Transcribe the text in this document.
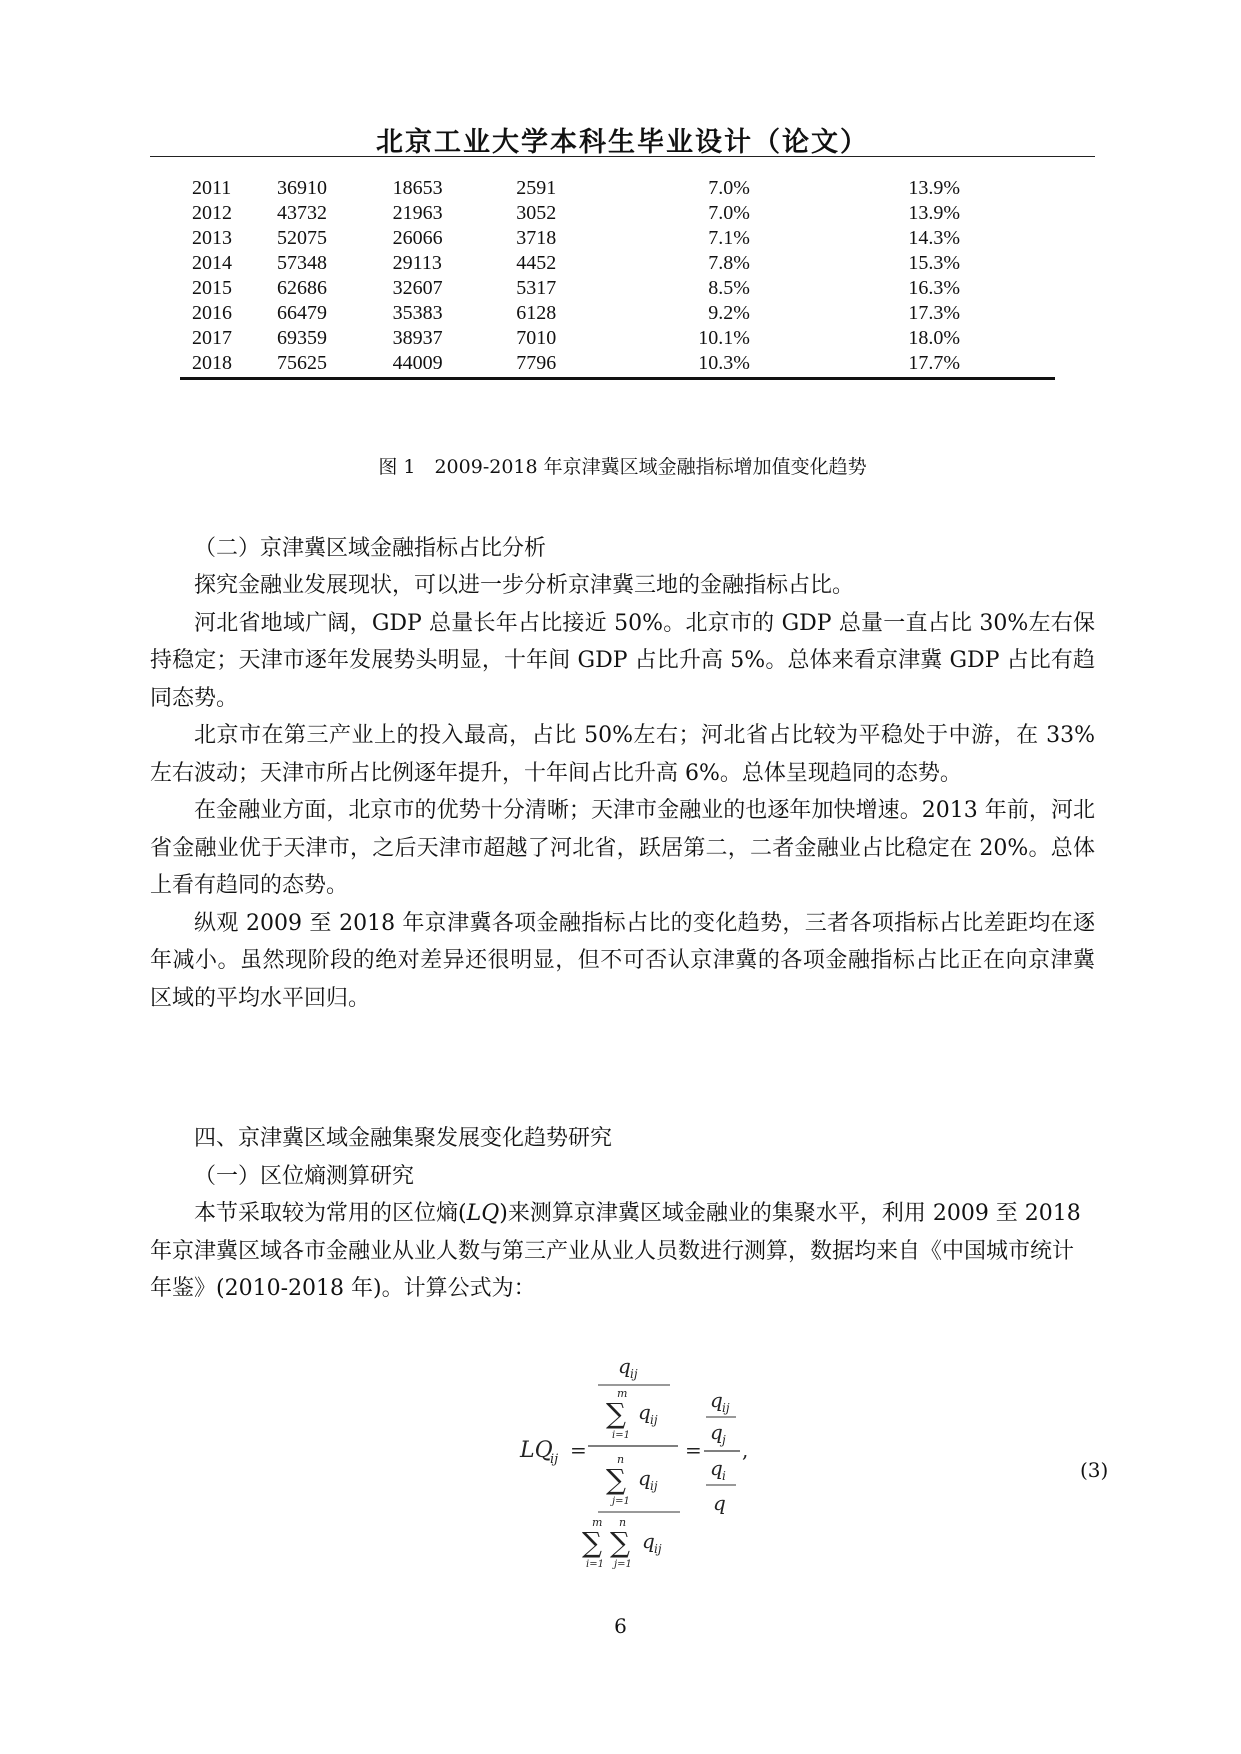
北京工业大学本科生毕业设计（论文）
2011	36910	18653	2591	7.0%	13.9%
2012	43732	21963	3052	7.0%	13.9%
2013	52075	26066	3718	7.1%	14.3%
2014	57348	29113	4452	7.8%	15.3%
2015	62686	32607	5317	8.5%	16.3%
2016	66479	35383	6128	9.2%	17.3%
2017	69359	38937	7010	10.1%	18.0%
2018	75625	44009	7796	10.3%	17.7%
图 1　2009-2018 年京津冀区域金融指标增加值变化趋势

（二）京津冀区域金融指标占比分析

探究金融业发展现状，可以进一步分析京津冀三地的金融指标占比。

河北省地域广阔，GDP 总量长年占比接近 50%。北京市的 GDP 总量一直占比 30%左右保持稳定；天津市逐年发展势头明显，十年间 GDP 占比升高 5%。总体来看京津冀 GDP 占比有趋同态势。

北京市在第三产业上的投入最高，占比 50%左右；河北省占比较为平稳处于中游，在 33%左右波动；天津市所占比例逐年提升，十年间占比升高 6%。总体呈现趋同的态势。

在金融业方面，北京市的优势十分清晰；天津市金融业的也逐年加快增速。2013 年前，河北省金融业优于天津市，之后天津市超越了河北省，跃居第二，二者金融业占比稳定在 20%。总体上看有趋同的态势。

纵观 2009 至 2018 年京津冀各项金融指标占比的变化趋势，三者各项指标占比差距均在逐年减小。虽然现阶段的绝对差异还很明显，但不可否认京津冀的各项金融指标占比正在向京津冀区域的平均水平回归。

四、京津冀区域金融集聚发展变化趋势研究

（一）区位熵测算研究

本节采取较为常用的区位熵(LQ)来测算京津冀区域金融业的集聚水平，利用 2009 至 2018 年京津冀区域各市金融业从业人数与第三产业从业人员数进行测算，数据均来自《中国城市统计年鉴》(2010-2018 年)。计算公式为：

LQ
ij =
q ij
m
∑
i=1
q ij
n
∑
j=1
q ij
m
∑
i=1
n
∑
j=1
q ij
=
q ij
q j
q i
q
,
(3)
6
